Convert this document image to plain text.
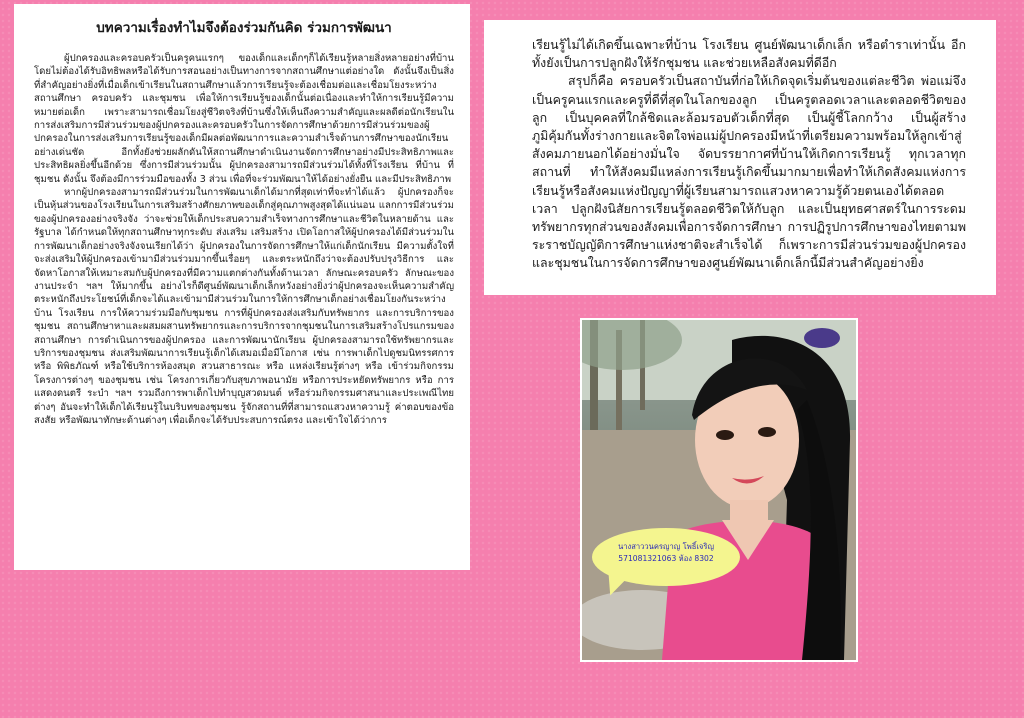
บทความเรื่องทำไมจึงต้องร่วมกันคิด ร่วมการพัฒนา

ผู้ปกครองและครอบครัวเป็นครูคนแรกๆ ของเด็กและเด็กๆก็ได้เรียนรู้หลายสิ่งหลายอย่างที่บ้าน โดยไม่ต้องได้รับอิทธิพลหรือได้รับการสอนอย่างเป็นทางการจากสถานศึกษาแต่อย่างใด ดังนั้นจึงเป็นสิ่งที่สำคัญอย่างยิ่งที่เมื่อเด็กเข้าเรียนในสถานศึกษาแล้วการเรียนรู้จะต้องเชื่อมต่อและเชื่อมโยงระหว่างสถานศึกษา ครอบครัว และชุมชน เพื่อให้การเรียนรู้ของเด็กนั้นต่อเนื่องและทำให้การเรียนรู้มีความหมายต่อเด็ก เพราะสามารถเชื่อมโยงสู่ชีวิตจริงที่บ้านซึ่งให้เห็นถึงความสำคัญและผลดีต่อนักเรียนในการส่งเสริมการมีส่วนร่วมของผู้ปกครองและครอบครัวในการจัดการศึกษาด้วยการมีส่วนร่วมของผู้ปกครองในการส่งเสริมการเรียนรู้ของเด็กมีผลต่อพัฒนาการและความสำเร็จด้านการศึกษาของนักเรียนอย่างเด่นชัด อีกทั้งยังช่วยผลักดันให้สถานศึกษาดำเนินงานจัดการศึกษาอย่างมีประสิทธิภาพและประสิทธิผลยิ่งขึ้นอีกด้วย ซึ่งการมีส่วนร่วมนั้น ผู้ปกครองสามารถมีส่วนร่วมได้ทั้งที่โรงเรียน ที่บ้าน ที่ชุมชน ดังนั้น จึงต้องมีการร่วมมือของทั้ง 3 ส่วน เพื่อที่จะร่วมพัฒนาให้ได้อย่างยั่งยืน และมีประสิทธิภาพ

หากผู้ปกครองสามารถมีส่วนร่วมในการพัฒนาเด็กได้มากที่สุดเท่าที่จะทำได้แล้ว ผู้ปกครองก็จะเป็นหุ้นส่วนของโรงเรียนในการเสริมสร้างศักยภาพของเด็กสู่คุณภาพสูงสุดได้แน่นอน แลกการมีส่วนร่วมของผู้ปกครองอย่างจริงจัง ว่าจะช่วยให้เด็กประสบความสำเร็จทางการศึกษาและชีวิตในหลายด้าน และรัฐบาล ได้กำหนดให้ทุกสถานศึกษาทุกระดับ ส่งเสริม เสริมสร้าง เปิดโอกาสให้ผู้ปกครองได้มีส่วนร่วมในการพัฒนาเด็กอย่างจริงจังจนเรียกได้ว่า ผู้ปกครองในการจัดการศึกษาให้แก่เด็กนักเรียน มีความตั้งใจที่จะส่งเสริมให้ผู้ปกครองเข้ามามีส่วนร่วมมากขึ้นเรื่อยๆ และตระหนักถึงว่าจะต้องปรับปรุงวิธีการ และจัดหาโอกาสให้เหมาะสมกับผู้ปกครองที่มีความแตกต่างกันทั้งด้านเวลา ลักษณะครอบครัว ลักษณะของงานประจำ ฯลฯ ให้มากขึ้น อย่างไรก็ดีศูนย์พัฒนาเด็กเล็กหวังอย่างยิ่งว่าผู้ปกครองจะเห็นความสำคัญ ตระหนักถึงประโยชน์ที่เด็กจะได้และเข้ามามีส่วนร่วมในการให้การศึกษาเด็กอย่างเชื่อมโยงกันระหว่างบ้าน โรงเรียน การให้ความร่วมมือกับชุมชน การที่ผู้ปกครองส่งเสริมกับทรัพยากร และการบริการของชุมชน สถานศึกษาหาและผสมผสานทรัพยากรและการบริการจากชุมชนในการเสริมสร้างโปรแกรมของสถานศึกษา การดำเนินการของผู้ปกครอง และการพัฒนานักเรียน ผู้ปกครองสามารถใช้ทรัพยากรและบริการของชุมชน ส่งเสริมพัฒนาการเรียนรู้เด็กได้เสมอเมื่อมีโอกาส เช่น การพาเด็กไปดูชมนิทรรศการ หรือ พิพิธภัณฑ์ หรือใช้บริการห้องสมุด สวนสาธารณะ หรือ แหล่งเรียนรู้ต่างๆ หรือ เข้าร่วมกิจกรรมโครงการต่างๆ ของชุมชน เช่น โครงการเกี่ยวกับสุขภาพอนามัย หรือการประหยัดทรัพยากร หรือ การแสดงดนตรี ระบำ ฯลฯ รวมถึงการพาเด็กไปทำบุญสวดมนต์ หรือร่วมกิจกรรมศาสนาและประเพณีไทยต่างๆ อันจะทำให้เด็กได้เรียนรู้ในบริบทของชุมชน รู้จักสถานที่ที่สามารถแสวงหาความรู้ ค่าตอบของข้อสงสัย หรือพัฒนาทักษะด้านต่างๆ เพื่อเด็กจะได้รับประสบการณ์ตรง และเข้าใจได้ว่าการ

เรียนรู้ไม่ได้เกิดขึ้นเฉพาะที่บ้าน โรงเรียน ศูนย์พัฒนาเด็กเล็ก หรือตำราเท่านั้น อีกทั้งยังเป็นการปลูกฝังให้รักชุมชน และช่วยเหลือสังคมที่ดีอีก

สรุปก็คือ ครอบครัวเป็นสถาบันที่ก่อให้เกิดจุดเริ่มต้นของแต่ละชีวิต พ่อแม่จึงเป็นครูคนแรกและครูที่ดีที่สุดในโลกของลูก เป็นครูตลอดเวลาและตลอดชีวิตของลูก เป็นบุคคลที่ใกล้ชิดและล้อมรอบตัวเด็กที่สุด เป็นผู้ชี้โลกกว้าง เป็นผู้สร้างภูมิคุ้มกันทั้งร่างกายและจิตใจพ่อแม่ผู้ปกครองมีหน้าที่เตรียมความพร้อมให้ลูกเข้าสู่สังคมภายนอกได้อย่างมั่นใจ จัดบรรยากาศที่บ้านให้เกิดการเรียนรู้ ทุกเวลาทุกสถานที่ ทำให้สังคมมีแหล่งการเรียนรู้เกิดขึ้นมากมายเพื่อทำให้เกิดสังคมแห่งการเรียนรู้หรือสังคมแห่งปัญญาที่ผู้เรียนสามารถแสวงหาความรู้ด้วยตนเองได้ตลอดเวลา ปลูกฝังนิสัยการเรียนรู้ตลอดชีวิตให้กับลูก และเป็นยุทธศาสตร์ในการระดมทรัพยากรทุกส่วนของสังคมเพื่อการจัดการศึกษา การปฏิรูปการศึกษาของไทยตามพระราชบัญญัติการศึกษาแห่งชาติจะสำเร็จได้ ก็เพราะการมีส่วนร่วมของผู้ปกครอง และชุมชนในการจัดการศึกษาของศูนย์พัฒนาเด็กเล็กนี้มีส่วนสำคัญอย่างยิ่ง

นางสาววนครญาญ โพธิ์เจริญ
571081321063 ห้อง 8302
